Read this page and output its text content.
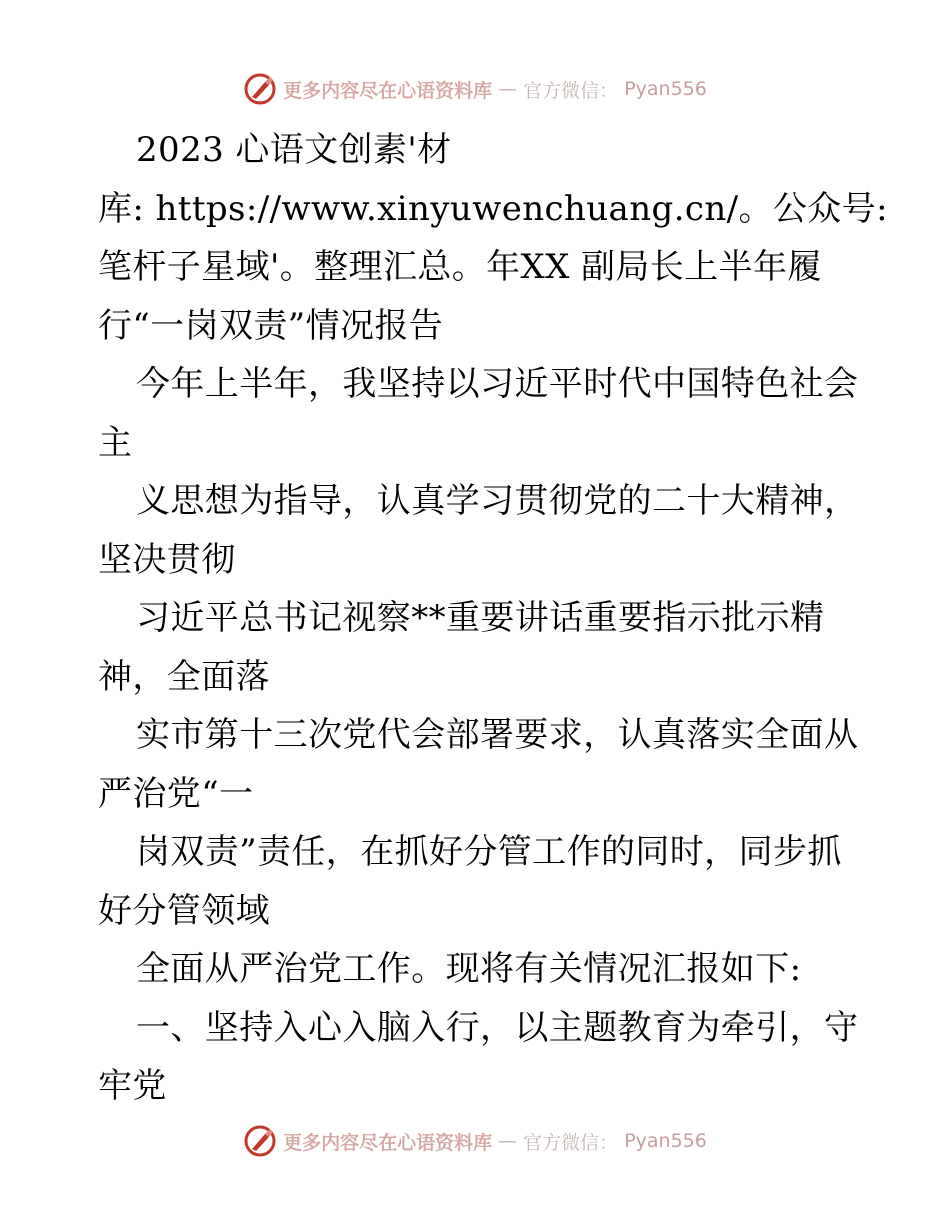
更多内容尽在心语资料库 — 官方微信： Pyan556
2023 心语文创素'材
库: https://www.xinyuwenchuang.cn/。公众号:
笔杆子星域'。整理汇总。年XX 副局长上半年履
行“一岗双责”情况报告
今年上半年，我坚持以习近平时代中国特色社会
主
义思想为指导，认真学习贯彻党的二十大精神，
坚决贯彻
习近平总书记视察**重要讲话重要指示批示精
神，全面落
实市第十三次党代会部署要求，认真落实全面从
严治党“一
岗双责”责任，在抓好分管工作的同时，同步抓
好分管领域
全面从严治党工作。现将有关情况汇报如下:
一、坚持入心入脑入行，以主题教育为牵引，守
牢党
更多内容尽在心语资料库 — 官方微信： Pyan556
